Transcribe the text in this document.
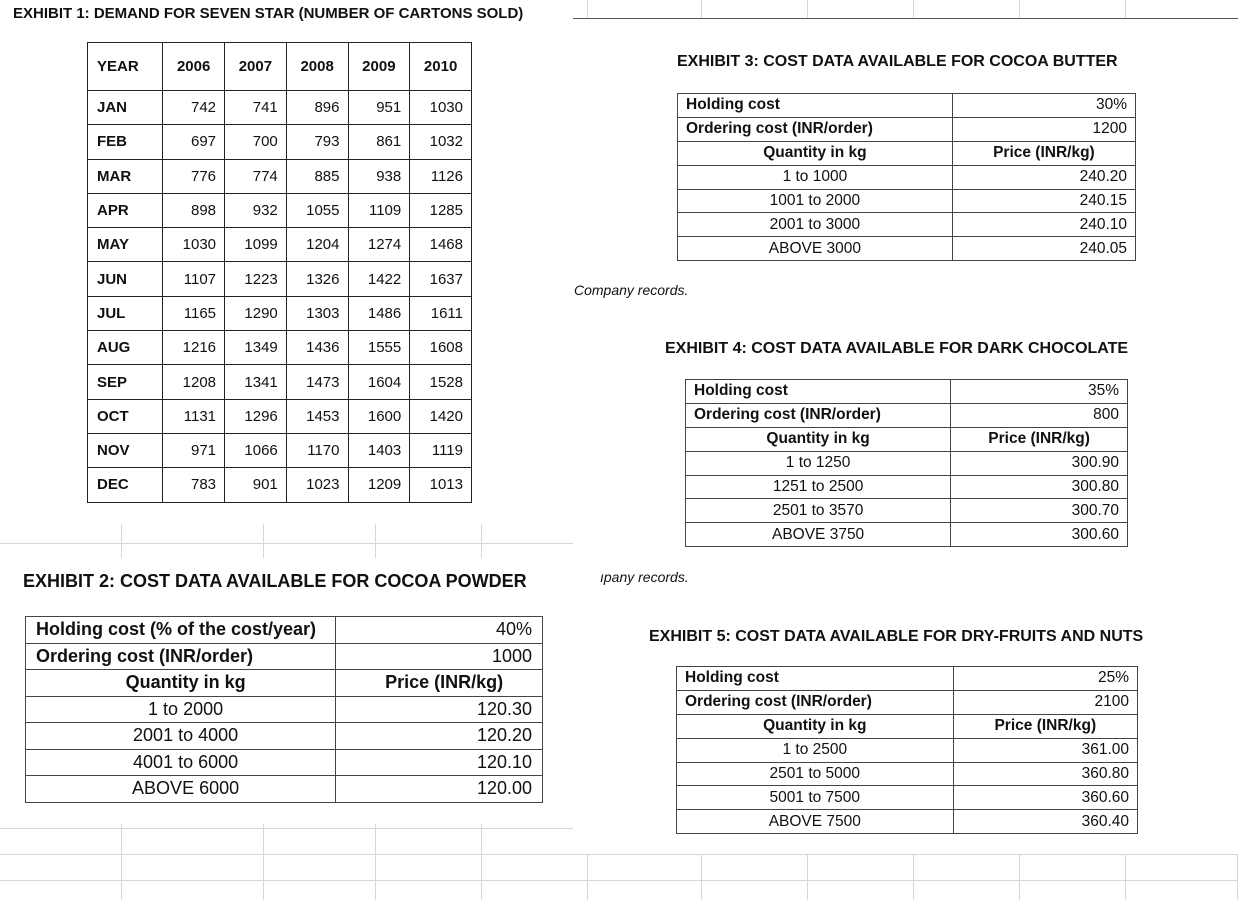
EXHIBIT 1: DEMAND FOR SEVEN STAR (NUMBER OF CARTONS SOLD)
YEAR	2006	2007	2008	2009	2010
JAN	742	741	896	951	1030
FEB	697	700	793	861	1032
MAR	776	774	885	938	1126
APR	898	932	1055	1109	1285
MAY	1030	1099	1204	1274	1468
JUN	1107	1223	1326	1422	1637
JUL	1165	1290	1303	1486	1611
AUG	1216	1349	1436	1555	1608
SEP	1208	1341	1473	1604	1528
OCT	1131	1296	1453	1600	1420
NOV	971	1066	1170	1403	1119
DEC	783	901	1023	1209	1013
EXHIBIT 2: COST DATA AVAILABLE FOR COCOA POWDER
Holding cost (% of the cost/year)	40%
Ordering cost (INR/order)	1000
Quantity in kg	Price (INR/kg)
1 to 2000	120.30
2001 to 4000	120.20
4001 to 6000	120.10
ABOVE 6000	120.00
EXHIBIT 3: COST DATA AVAILABLE FOR COCOA BUTTER
Holding cost	30%
Ordering cost (INR/order)	1200
Quantity in kg	Price (INR/kg)
1 to 1000	240.20
1001 to 2000	240.15
2001 to 3000	240.10
ABOVE 3000	240.05
Company records.
EXHIBIT 4: COST DATA AVAILABLE FOR DARK CHOCOLATE
Holding cost	35%
Ordering cost (INR/order)	800
Quantity in kg	Price (INR/kg)
1 to 1250	300.90
1251 to 2500	300.80
2501 to 3570	300.70
ABOVE 3750	300.60
ıpany records.
EXHIBIT 5: COST DATA AVAILABLE FOR DRY-FRUITS AND NUTS
Holding cost	25%
Ordering cost (INR/order)	2100
Quantity in kg	Price (INR/kg)
1 to 2500	361.00
2501 to 5000	360.80
5001 to 7500	360.60
ABOVE 7500	360.40
